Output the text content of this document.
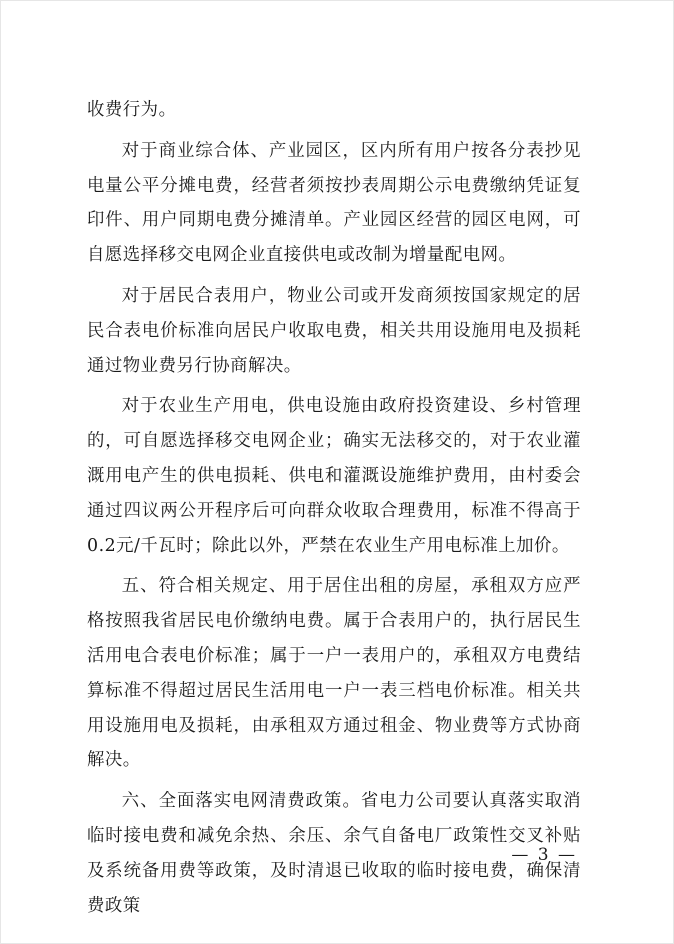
收费行为。

对于商业综合体、产业园区，区内所有用户按各分表抄见电量公平分摊电费，经营者须按抄表周期公示电费缴纳凭证复印件、用户同期电费分摊清单。产业园区经营的园区电网，可自愿选择移交电网企业直接供电或改制为增量配电网。

对于居民合表用户，物业公司或开发商须按国家规定的居民合表电价标准向居民户收取电费，相关共用设施用电及损耗通过物业费另行协商解决。

对于农业生产用电，供电设施由政府投资建设、乡村管理的，可自愿选择移交电网企业；确实无法移交的，对于农业灌溉用电产生的供电损耗、供电和灌溉设施维护费用，由村委会通过四议两公开程序后可向群众收取合理费用，标准不得高于0.2元/千瓦时；除此以外，严禁在农业生产用电标准上加价。

五、符合相关规定、用于居住出租的房屋，承租双方应严格按照我省居民电价缴纳电费。属于合表用户的，执行居民生活用电合表电价标准；属于一户一表用户的，承租双方电费结算标准不得超过居民生活用电一户一表三档电价标准。相关共用设施用电及损耗，由承租双方通过租金、物业费等方式协商解决。

六、全面落实电网清费政策。省电力公司要认真落实取消临时接电费和减免余热、余压、余气自备电厂政策性交叉补贴及系统备用费等政策，及时清退已收取的临时接电费，确保清费政策

— 3 —
